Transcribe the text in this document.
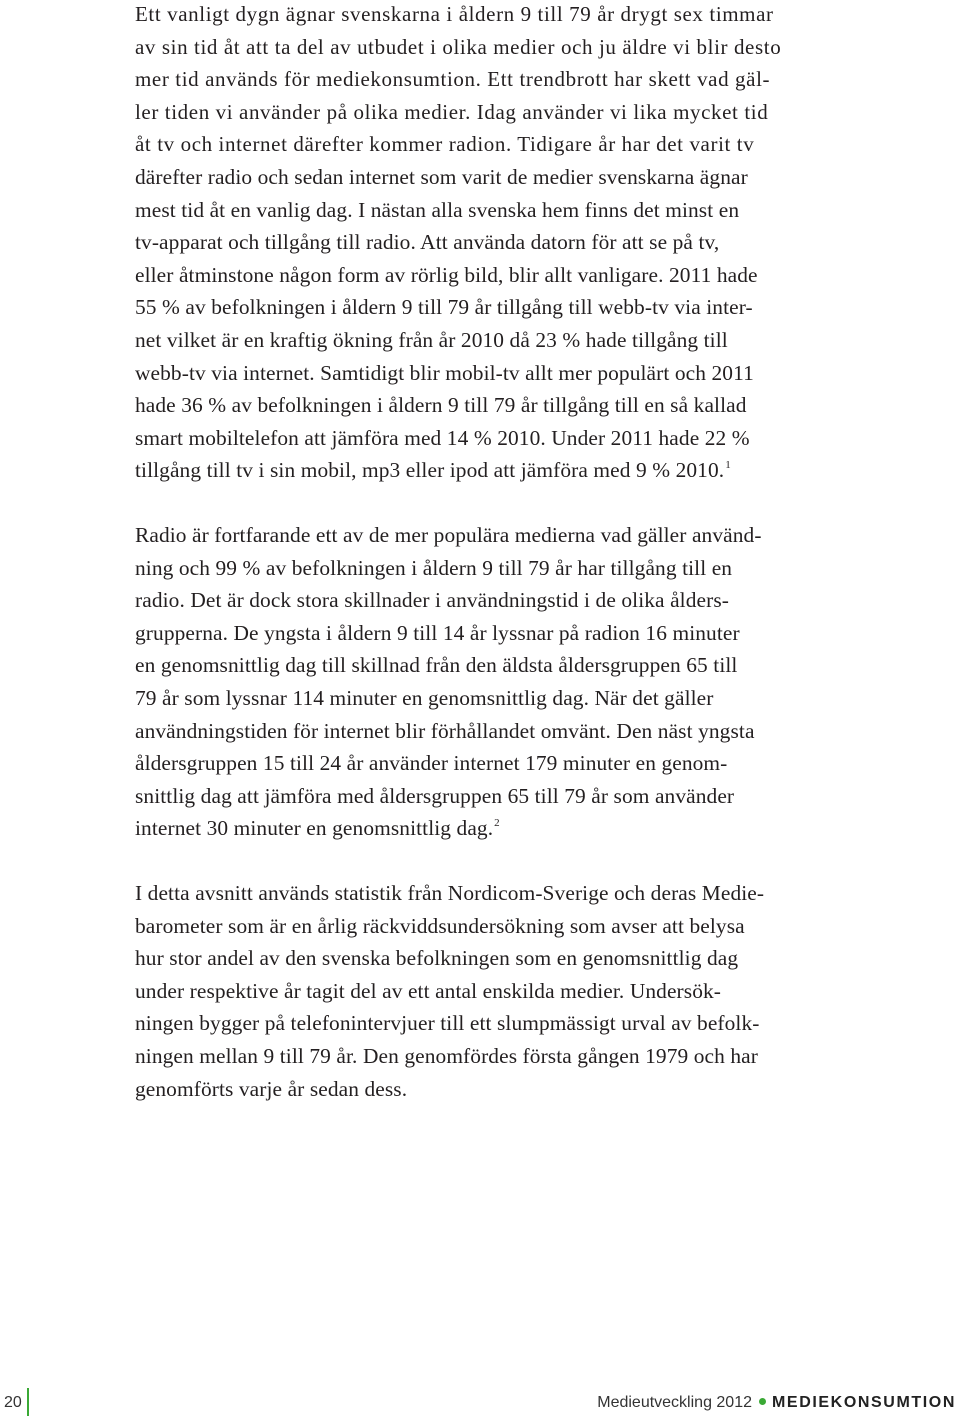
Ett vanligt dygn ägnar svenskarna i åldern 9 till 79 år drygt sex timmar

av sin tid åt att ta del av utbudet i olika medier och ju äldre vi blir desto

mer tid används för mediekonsumtion. Ett trendbrott har skett vad gäl-

ler tiden vi använder på olika medier. Idag använder vi lika mycket tid

åt tv och internet därefter kommer radion. Tidigare år har det varit tv

därefter radio och sedan internet som varit de medier svenskarna ägnar

mest tid åt en vanlig dag. I nästan alla svenska hem finns det minst en

tv-apparat och tillgång till radio. Att använda datorn för att se på tv,

eller åtminstone någon form av rörlig bild, blir allt vanligare. 2011 hade

55 % av befolkningen i åldern 9 till 79 år tillgång till webb-tv via inter-

net vilket är en kraftig ökning från år 2010 då 23 % hade tillgång till

webb-tv via internet. Samtidigt blir mobil-tv allt mer populärt och 2011

hade 36 % av befolkningen i åldern 9 till 79 år tillgång till en så kallad

smart mobiltelefon att jämföra med 14 % 2010. Under 2011 hade 22 %

tillgång till tv i sin mobil, mp3 eller ipod att jämföra med 9 % 2010.$^1$

Radio är fortfarande ett av de mer populära medierna vad gäller använd-

ning och 99 % av befolkningen i åldern 9 till 79 år har tillgång till en

radio. Det är dock stora skillnader i användningstid i de olika ålders-

grupperna. De yngsta i åldern 9 till 14 år lyssnar på radion 16 minuter

en genomsnittlig dag till skillnad från den äldsta åldersgruppen 65 till

79 år som lyssnar 114 minuter en genomsnittlig dag. När det gäller

användningstiden för internet blir förhållandet omvänt. Den näst yngsta

åldersgruppen 15 till 24 år använder internet 179 minuter en genom-

snittlig dag att jämföra med åldersgruppen 65 till 79 år som använder

internet 30 minuter en genomsnittlig dag.$^2$

I detta avsnitt används statistik från Nordicom-Sverige och deras Medie-

barometer som är en årlig räckviddsundersökning som avser att belysa

hur stor andel av den svenska befolkningen som en genomsnittlig dag

under respektive år tagit del av ett antal enskilda medier. Undersök-

ningen bygger på telefonintervjuer till ett slumpmässigt urval av befolk-

ningen mellan 9 till 79 år. Den genomfördes första gången 1979 och har

genomförts varje år sedan dess.

20	Medieutveckling 2012 MEDIEKONSUMTION
